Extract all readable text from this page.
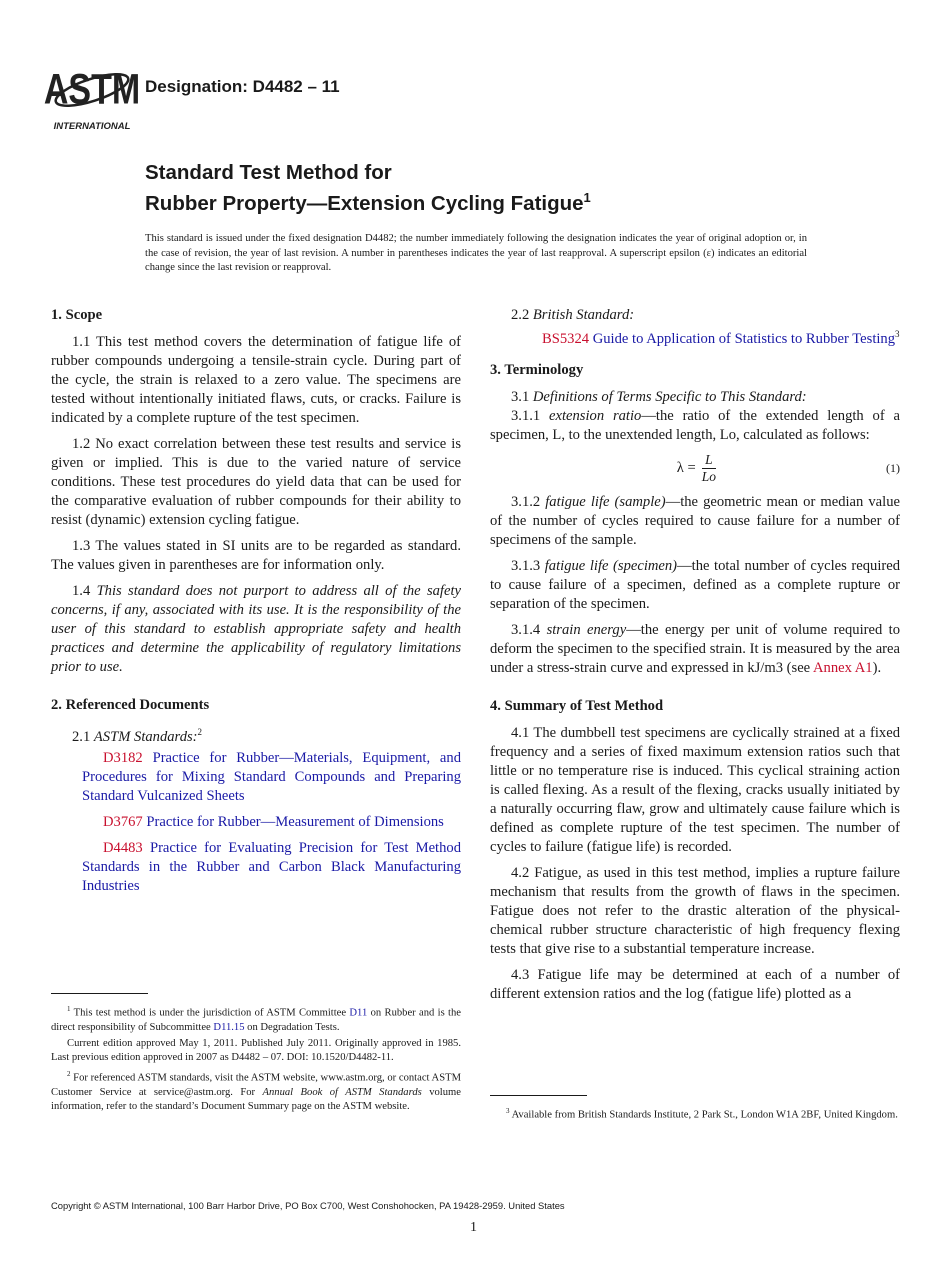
ASTM
INTERNATIONAL
Designation: D4482 – 11
Standard Test Method for
Rubber Property—Extension Cycling Fatigue$^1$
This standard is issued under the fixed designation D4482; the number immediately following the designation indicates the year of original adoption or, in the case of revision, the year of last revision. A number in parentheses indicates the year of last reapproval. A superscript epsilon (ε) indicates an editorial change since the last revision or reapproval.
1. Scope

1.1 This test method covers the determination of fatigue life of rubber compounds undergoing a tensile-strain cycle. During part of the cycle, the strain is relaxed to a zero value. The specimens are tested without intentionally initiated flaws, cuts, or cracks. Failure is indicated by a complete rupture of the test specimen.

1.2 No exact correlation between these test results and service is given or implied. This is due to the varied nature of service conditions. These test procedures do yield data that can be used for the comparative evaluation of rubber compounds for their ability to resist (dynamic) extension cycling fatigue.

1.3 The values stated in SI units are to be regarded as standard. The values given in parentheses are for information only.

1.4 This standard does not purport to address all of the safety concerns, if any, associated with its use. It is the responsibility of the user of this standard to establish appropriate safety and health practices and determine the applicability of regulatory limitations prior to use.

2. Referenced Documents

2.1 ASTM Standards:$^2$

D3182 Practice for Rubber—Materials, Equipment, and Procedures for Mixing Standard Compounds and Preparing Standard Vulcanized Sheets

D3767 Practice for Rubber—Measurement of Dimensions

D4483 Practice for Evaluating Precision for Test Method Standards in the Rubber and Carbon Black Manufacturing Industries

2.2 British Standard:

BS5324 Guide to Application of Statistics to Rubber Testing$^3$

3. Terminology

3.1 Definitions of Terms Specific to This Standard:

3.1.1 extension ratio—the ratio of the extended length of a specimen, L, to the unextended length, Lo, calculated as follows:

$\lambda = \frac{L}{Lo}$	(1)

3.1.2 fatigue life (sample)—the geometric mean or median value of the number of cycles required to cause failure for a number of specimens of the sample.

3.1.3 fatigue life (specimen)—the total number of cycles required to cause failure of a specimen, defined as a complete rupture or separation of the specimen.

3.1.4 strain energy—the energy per unit of volume required to deform the specimen to the specified strain. It is measured by the area under a stress-strain curve and expressed in kJ/m3 (see Annex A1).

4. Summary of Test Method

4.1 The dumbbell test specimens are cyclically strained at a fixed frequency and a series of fixed maximum extension ratios such that little or no temperature rise is induced. This cyclical straining action is called flexing. As a result of the flexing, cracks usually initiated by a naturally occurring flaw, grow and ultimately cause failure which is defined as complete rupture of the test specimen. The number of cycles to failure (fatigue life) is recorded.

4.2 Fatigue, as used in this test method, implies a rupture failure mechanism that results from the growth of flaws in the specimen. Fatigue does not refer to the drastic alteration of the physical-chemical rubber structure characteristic of high frequency flexing tests that give rise to a substantial temperature increase.

4.3 Fatigue life may be determined at each of a number of different extension ratios and the log (fatigue life) plotted as a

$^1$ This test method is under the jurisdiction of ASTM Committee D11 on Rubber and is the direct responsibility of Subcommittee D11.15 on Degradation Tests.

Current edition approved May 1, 2011. Published July 2011. Originally approved in 1985. Last previous edition approved in 2007 as D4482 – 07. DOI: 10.1520/D4482-11.

$^2$ For referenced ASTM standards, visit the ASTM website, www.astm.org, or contact ASTM Customer Service at service@astm.org. For Annual Book of ASTM Standards volume information, refer to the standard’s Document Summary page on the ASTM website.	$^3$ Available from British Standards Institute, 2 Park St., London W1A 2BF, United Kingdom.

Copyright © ASTM International, 100 Barr Harbor Drive, PO Box C700, West Conshohocken, PA 19428-2959. United States
1
